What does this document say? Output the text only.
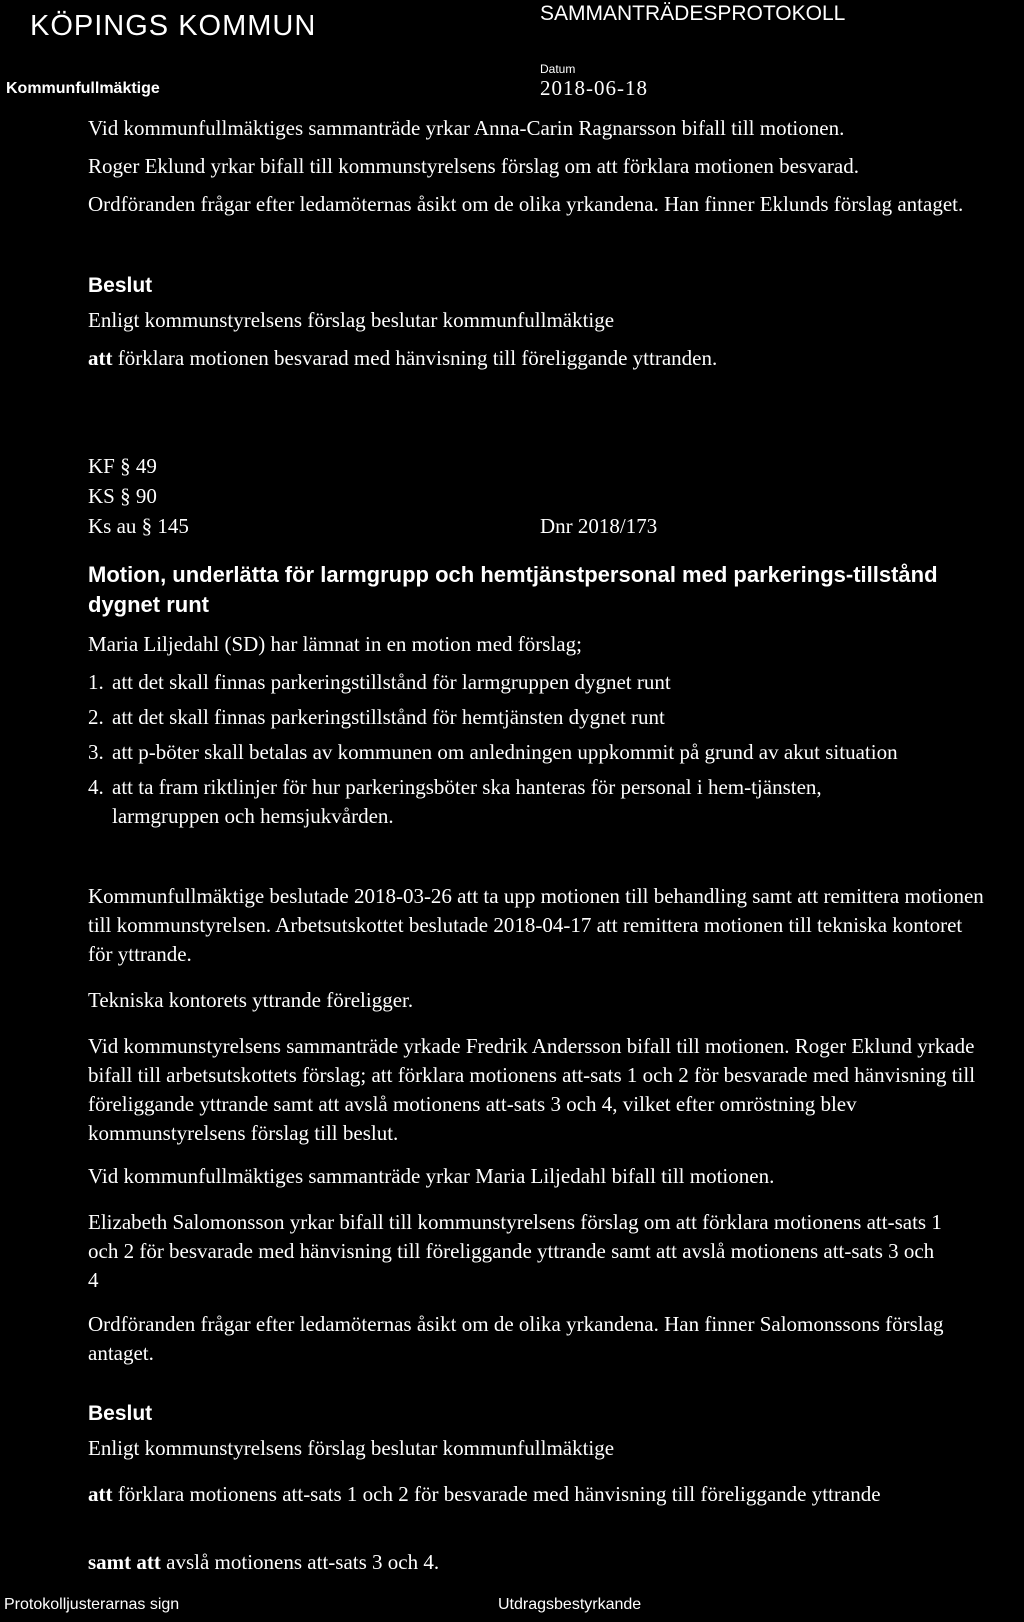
KÖPINGS KOMMUN	SAMMANTRÄDESPROTOKOLL
Kommunfullmäktige
Datum
2018-06-18
Vid kommunfullmäktiges sammanträde yrkar Anna-Carin Ragnarsson bifall till motionen.
Roger Eklund yrkar bifall till kommunstyrelsens förslag om att förklara motionen besvarad.
Ordföranden frågar efter ledamöternas åsikt om de olika yrkandena. Han finner Eklunds förslag antaget.
Beslut
Enligt kommunstyrelsens förslag beslutar kommunfullmäktige
att förklara motionen besvarad med hänvisning till föreliggande yttranden.
KF § 49
KS § 90
Ks au § 145	Dnr 2018/173
Motion, underlätta för larmgrupp och hemtjänstpersonal med parkerings-tillstånd dygnet runt
Maria Liljedahl (SD) har lämnat in en motion med förslag;
1. att det skall finnas parkeringstillstånd för larmgruppen dygnet runt
2. att det skall finnas parkeringstillstånd för hemtjänsten dygnet runt
3. att p-böter skall betalas av kommunen om anledningen uppkommit på grund av akut situation
4. att ta fram riktlinjer för hur parkeringsböter ska hanteras för personal i hem-tjänsten, larmgruppen och hemsjukvården.
Kommunfullmäktige beslutade 2018-03-26 att ta upp motionen till behandling samt att remittera motionen till kommunstyrelsen. Arbetsutskottet beslutade 2018-04-17 att remittera motionen till tekniska kontoret för yttrande.
Tekniska kontorets yttrande föreligger.
Vid kommunstyrelsens sammanträde yrkade Fredrik Andersson bifall till motionen. Roger Eklund yrkade bifall till arbetsutskottets förslag; att förklara motionens att-sats 1 och 2 för besvarade med hänvisning till föreliggande yttrande samt att avslå motionens att-sats 3 och 4, vilket efter omröstning blev kommunstyrelsens förslag till beslut.
Vid kommunfullmäktiges sammanträde yrkar Maria Liljedahl bifall till motionen.
Elizabeth Salomonsson yrkar bifall till kommunstyrelsens förslag om att förklara motionens att-sats 1 och 2 för besvarade med hänvisning till föreliggande yttrande samt att avslå motionens att-sats 3 och 4
Ordföranden frågar efter ledamöternas åsikt om de olika yrkandena. Han finner Salomonssons förslag antaget.
Beslut
Enligt kommunstyrelsens förslag beslutar kommunfullmäktige
att förklara motionens att-sats 1 och 2 för besvarade med hänvisning till föreliggande yttrande
samt att avslå motionens att-sats 3 och 4.
Protokolljusterarnas sign	Utdragsbestyrkande
